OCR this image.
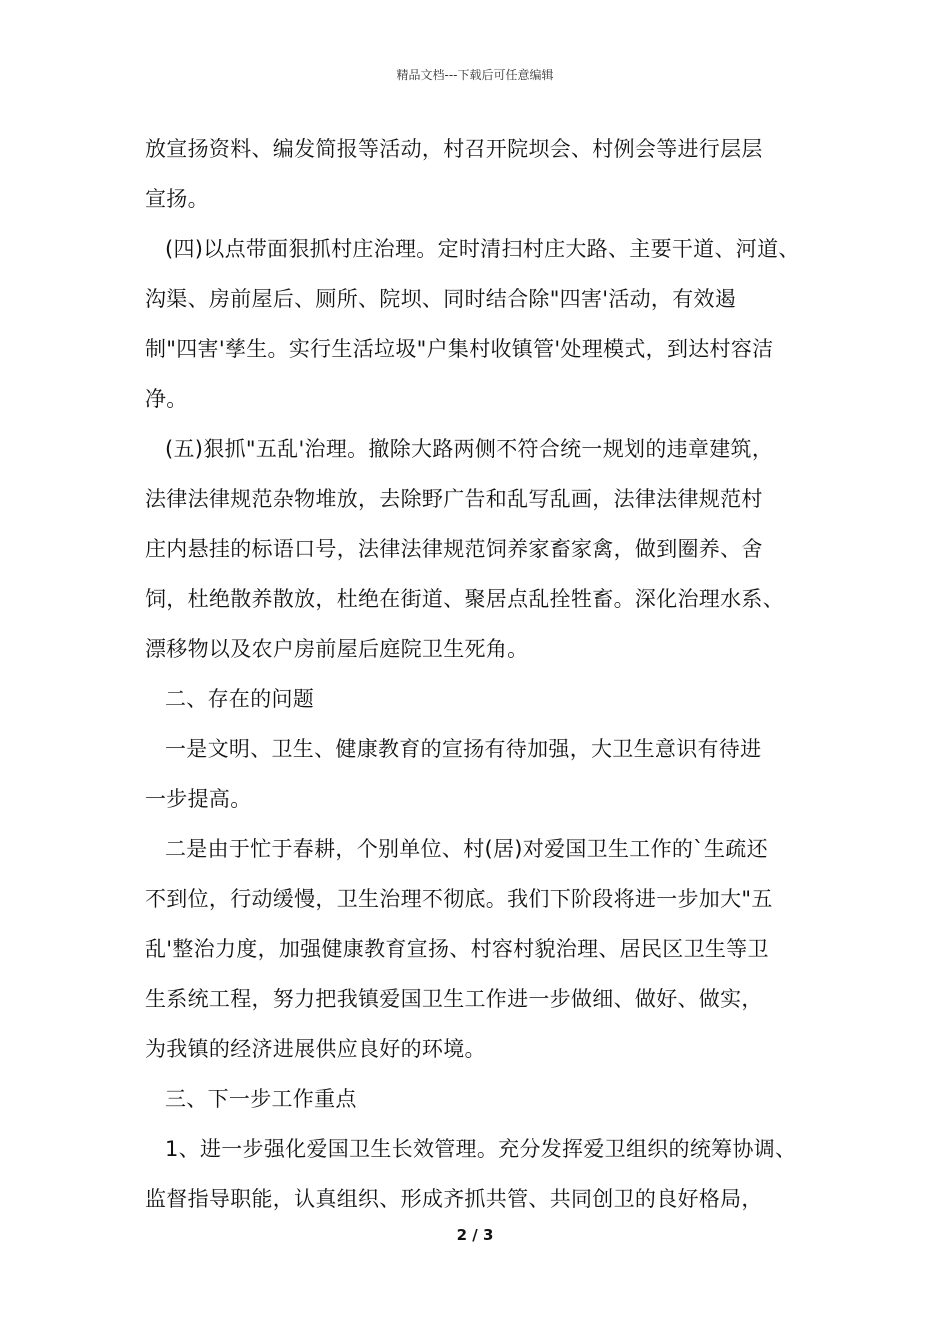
精品文档---下载后可任意编辑
放宣扬资料、编发简报等活动，村召开院坝会、村例会等进行层层
宣扬。
(四)以点带面狠抓村庄治理。定时清扫村庄大路、主要干道、河道、
沟渠、房前屋后、厕所、院坝、同时结合除"四害'活动，有效遏
制"四害'孳生。实行生活垃圾"户集村收镇管'处理模式，到达村容洁
净。
(五)狠抓"五乱'治理。撤除大路两侧不符合统一规划的违章建筑，
法律法律规范杂物堆放，去除野广告和乱写乱画，法律法律规范村
庄内悬挂的标语口号，法律法律规范饲养家畜家禽，做到圈养、舍
饲，杜绝散养散放，杜绝在街道、聚居点乱拴牲畜。深化治理水系、
漂移物以及农户房前屋后庭院卫生死角。
二、存在的问题
一是文明、卫生、健康教育的宣扬有待加强，大卫生意识有待进
一步提高。
二是由于忙于春耕，个别单位、村(居)对爱国卫生工作的`生疏还
不到位，行动缓慢，卫生治理不彻底。我们下阶段将进一步加大"五
乱'整治力度，加强健康教育宣扬、村容村貌治理、居民区卫生等卫
生系统工程，努力把我镇爱国卫生工作进一步做细、做好、做实，
为我镇的经济进展供应良好的环境。
三、下一步工作重点
1、进一步强化爱国卫生长效管理。充分发挥爱卫组织的统筹协调、
监督指导职能，认真组织、形成齐抓共管、共同创卫的良好格局，
2 / 3
